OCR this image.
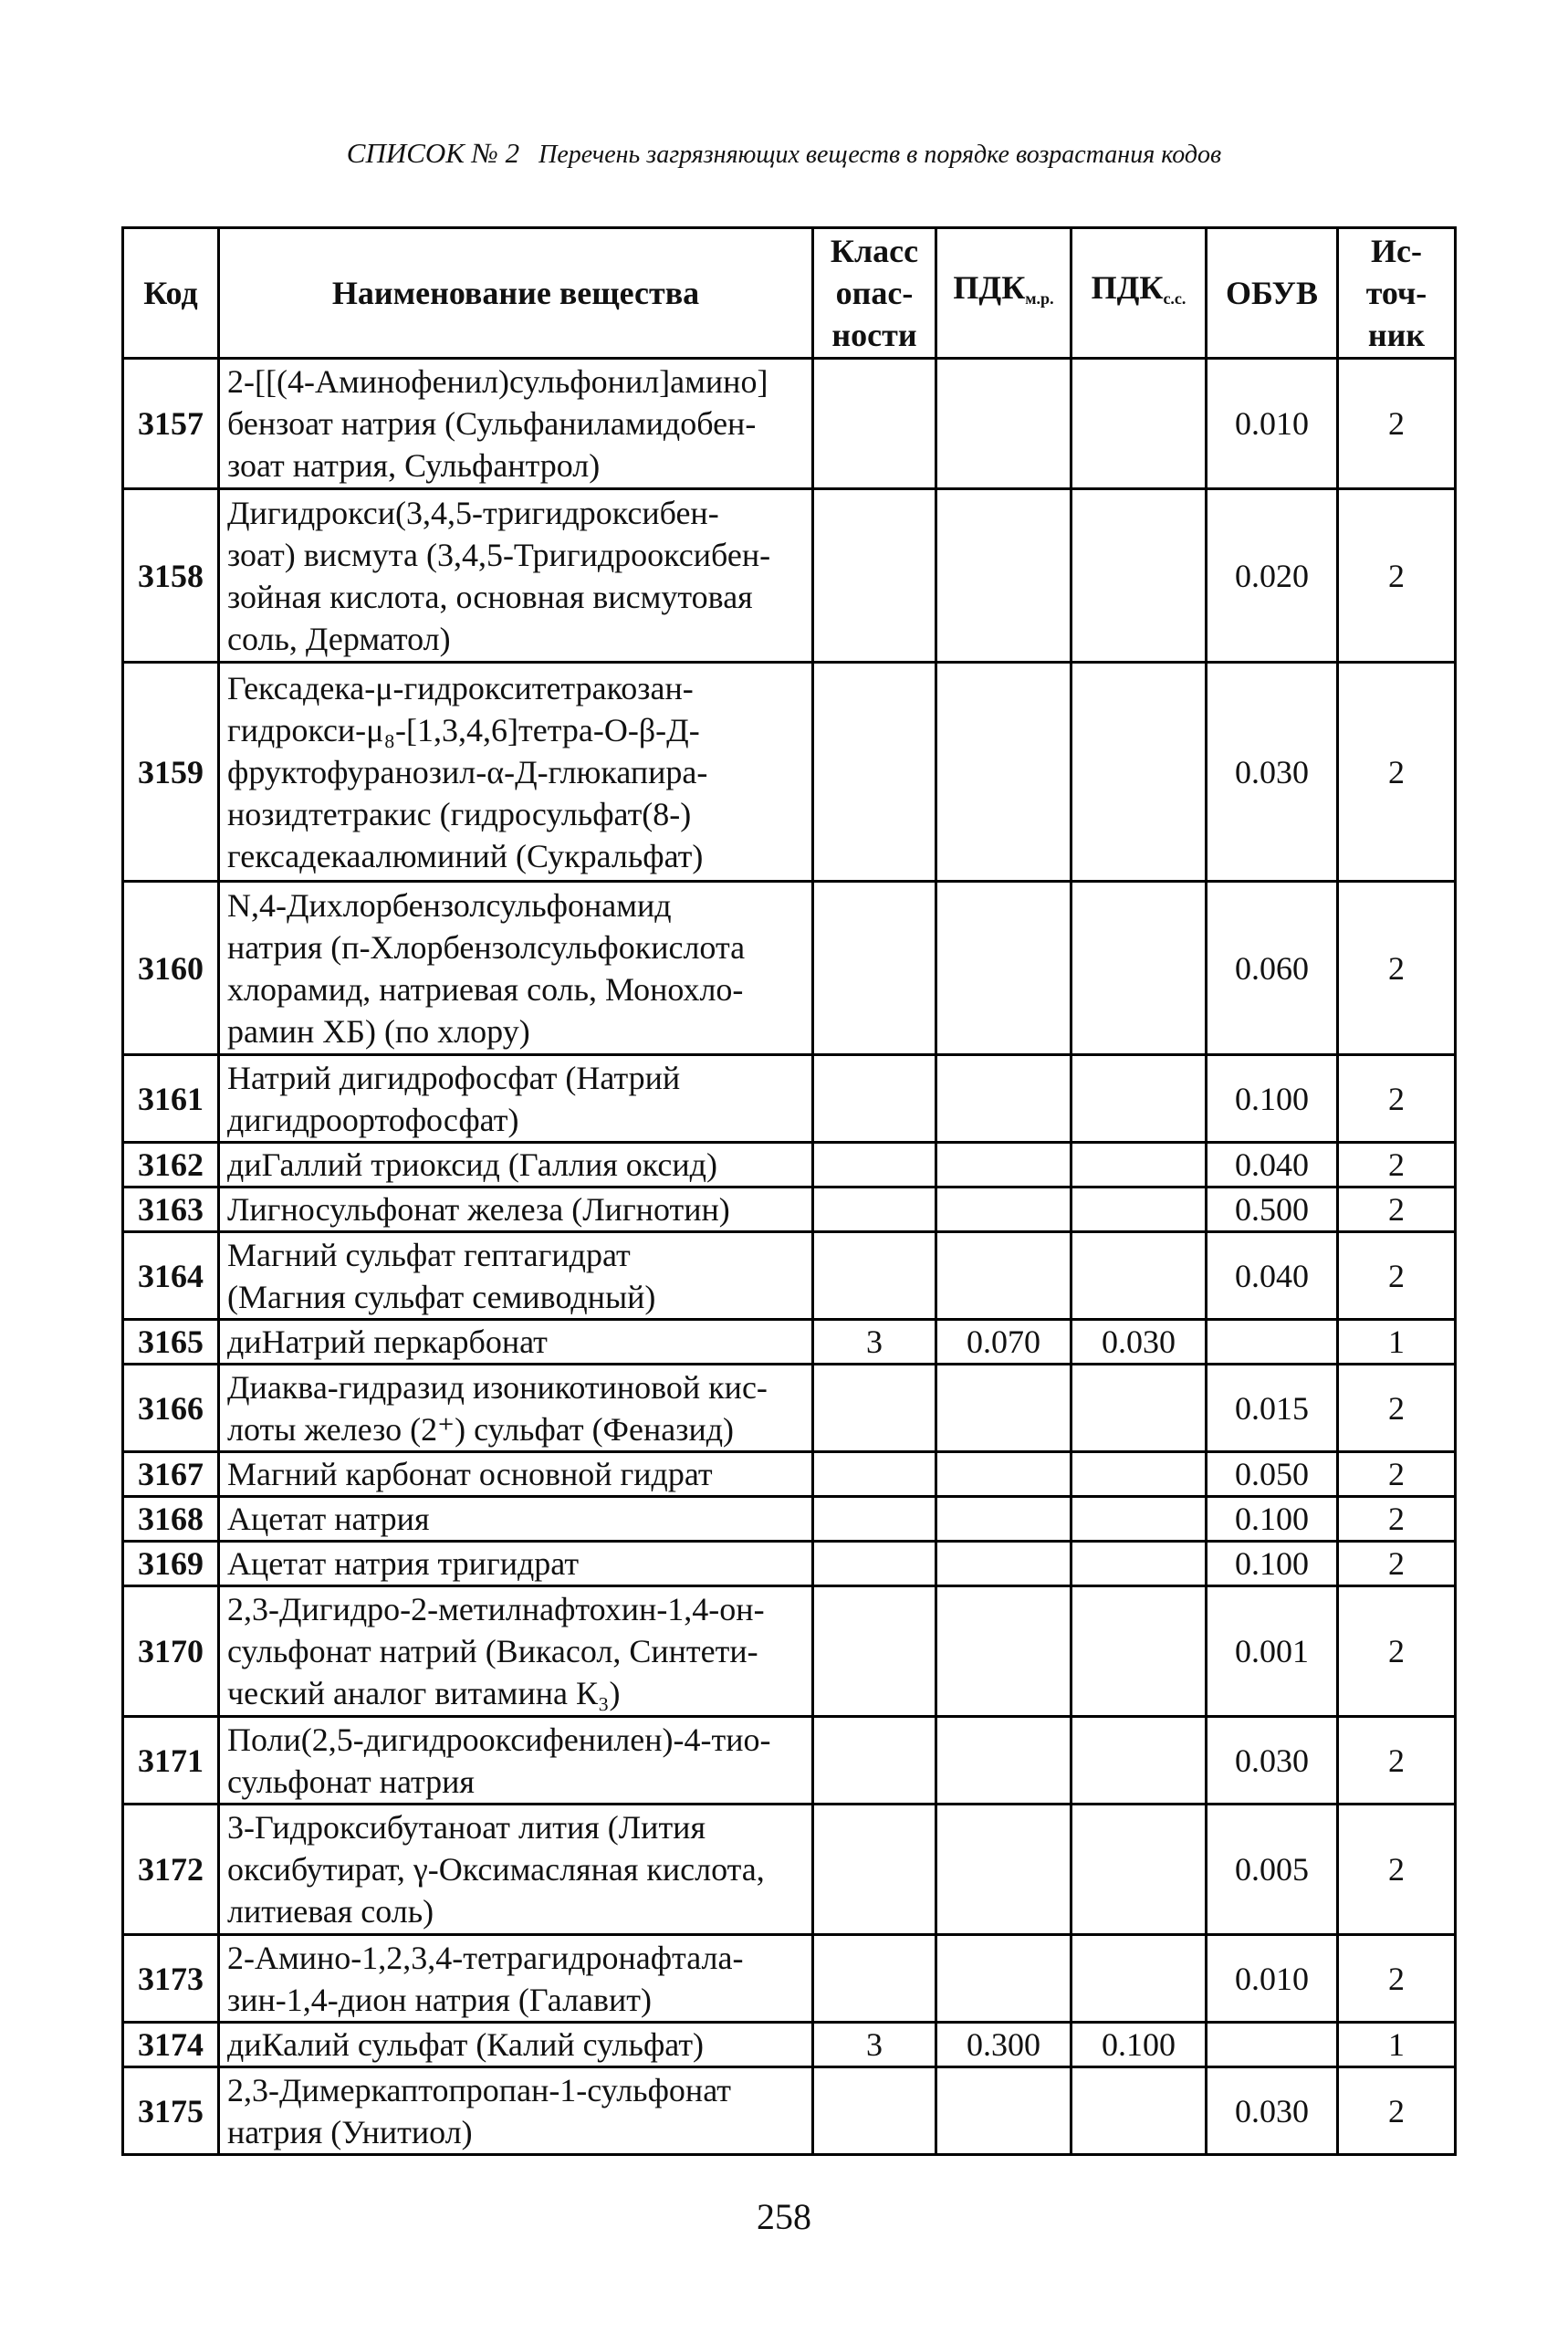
СПИСОК № 2 Перечень загрязняющих веществ в порядке возрастания кодов
Код	Наименование вещества	Класс опас- ности	$ПДК_{м.р.}$	$ПДК_{с.с.}$	ОБУВ	Ис- точ- ник
3157	2-[[(4-Аминофенил)сульфонил]амино]
бензоат натрия (Сульфаниламидобен-
зоат натрия, Сульфантрол)				0.010	2
3158	Дигидрокси(3,4,5-тригидроксибен-
зоат) висмута (3,4,5-Тригидрооксибен-
зойная кислота, основная висмутовая
соль, Дерматол)				0.020	2
3159	Гексадека-μ-гидрокситетракозан-
гидрокси-μ₈-[1,3,4,6]тетра-О-β-Д-
фруктофуранозил-α-Д-глюкапира-
нозидтетракис (гидросульфат(8-)
гексадекаалюминий (Сукральфат)				0.030	2
3160	N,4-Дихлорбензолсульфонамид
натрия (п-Хлорбензолсульфокислота
хлорамид, натриевая соль, Монохло-
рамин ХБ) (по хлору)				0.060	2
3161	Натрий дигидрофосфат (Натрий
дигидроортофосфат)				0.100	2
3162	диГаллий триоксид (Галлия оксид)				0.040	2
3163	Лигносульфонат железа (Лигнотин)				0.500	2
3164	Магний сульфат гептагидрат
(Магния сульфат семиводный)				0.040	2
3165	диНатрий перкарбонат	3	0.070	0.030		1
3166	Диаква-гидразид изоникотиновой кис-
лоты железо (2⁺) сульфат (Феназид)				0.015	2
3167	Магний карбонат основной гидрат				0.050	2
3168	Ацетат натрия				0.100	2
3169	Ацетат натрия тригидрат				0.100	2
3170	2,3-Дигидро-2-метилнафтохин-1,4-он-
сульфонат натрий (Викасол, Синтети-
ческий аналог витамина К₃)				0.001	2
3171	Поли(2,5-дигидрооксифенилен)-4-тио-
сульфонат натрия				0.030	2
3172	3-Гидроксибутаноат лития (Лития
оксибутират, γ-Оксимасляная кислота,
литиевая соль)				0.005	2
3173	2-Амино-1,2,3,4-тетрагидронафтала-
зин-1,4-дион натрия (Галавит)				0.010	2
3174	диКалий сульфат (Калий сульфат)	3	0.300	0.100		1
3175	2,3-Димеркаптопропан-1-сульфонат
натрия (Унитиол)				0.030	2
258
